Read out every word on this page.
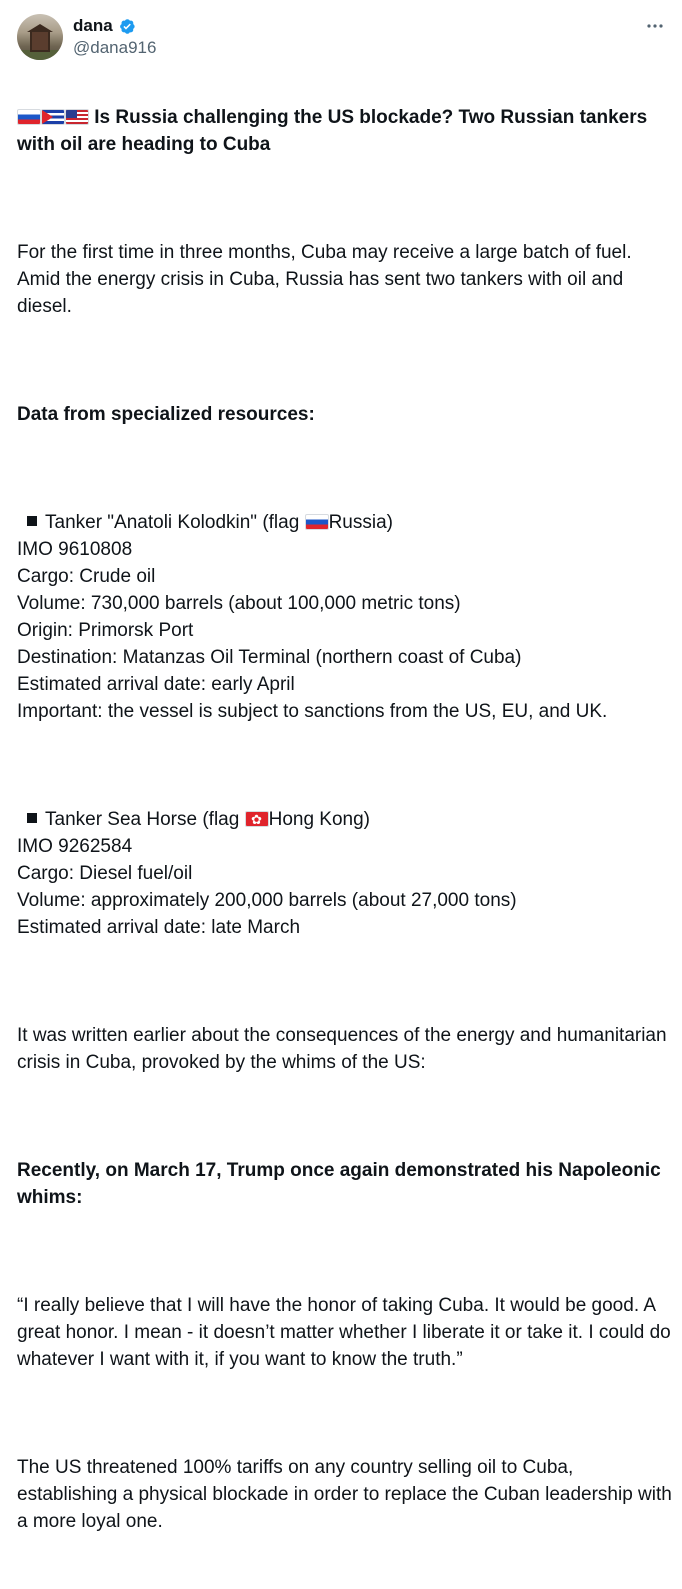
dana
@dana916

Is Russia challenging the US blockade? Two Russian tankers with oil are heading to Cuba

For the first time in three months, Cuba may receive a large batch of fuel. Amid the energy crisis in Cuba, Russia has sent two tankers with oil and diesel.

Data from specialized resources:

Tanker "Anatoli Kolodkin" (flag Russia)
IMO 9610808
Cargo: Crude oil
Volume: 730,000 barrels (about 100,000 metric tons)
Origin: Primorsk Port
Destination: Matanzas Oil Terminal (northern coast of Cuba)
Estimated arrival date: early April
Important: the vessel is subject to sanctions from the US, EU, and UK.

Tanker Sea Horse (flag ✿Hong Kong)
IMO 9262584
Cargo: Diesel fuel/oil
Volume: approximately 200,000 barrels (about 27,000 tons)
Estimated arrival date: late March

It was written earlier about the consequences of the energy and humanitarian crisis in Cuba, provoked by the whims of the US:

Recently, on March 17, Trump once again demonstrated his Napoleonic whims:

“I really believe that I will have the honor of taking Cuba. It would be good. A great honor. I mean - it doesn’t matter whether I liberate it or take it. I could do whatever I want with it, if you want to know the truth.”

The US threatened 100% tariffs on any country selling oil to Cuba, establishing a physical blockade in order to replace the Cuban leadership with a more loyal one.
